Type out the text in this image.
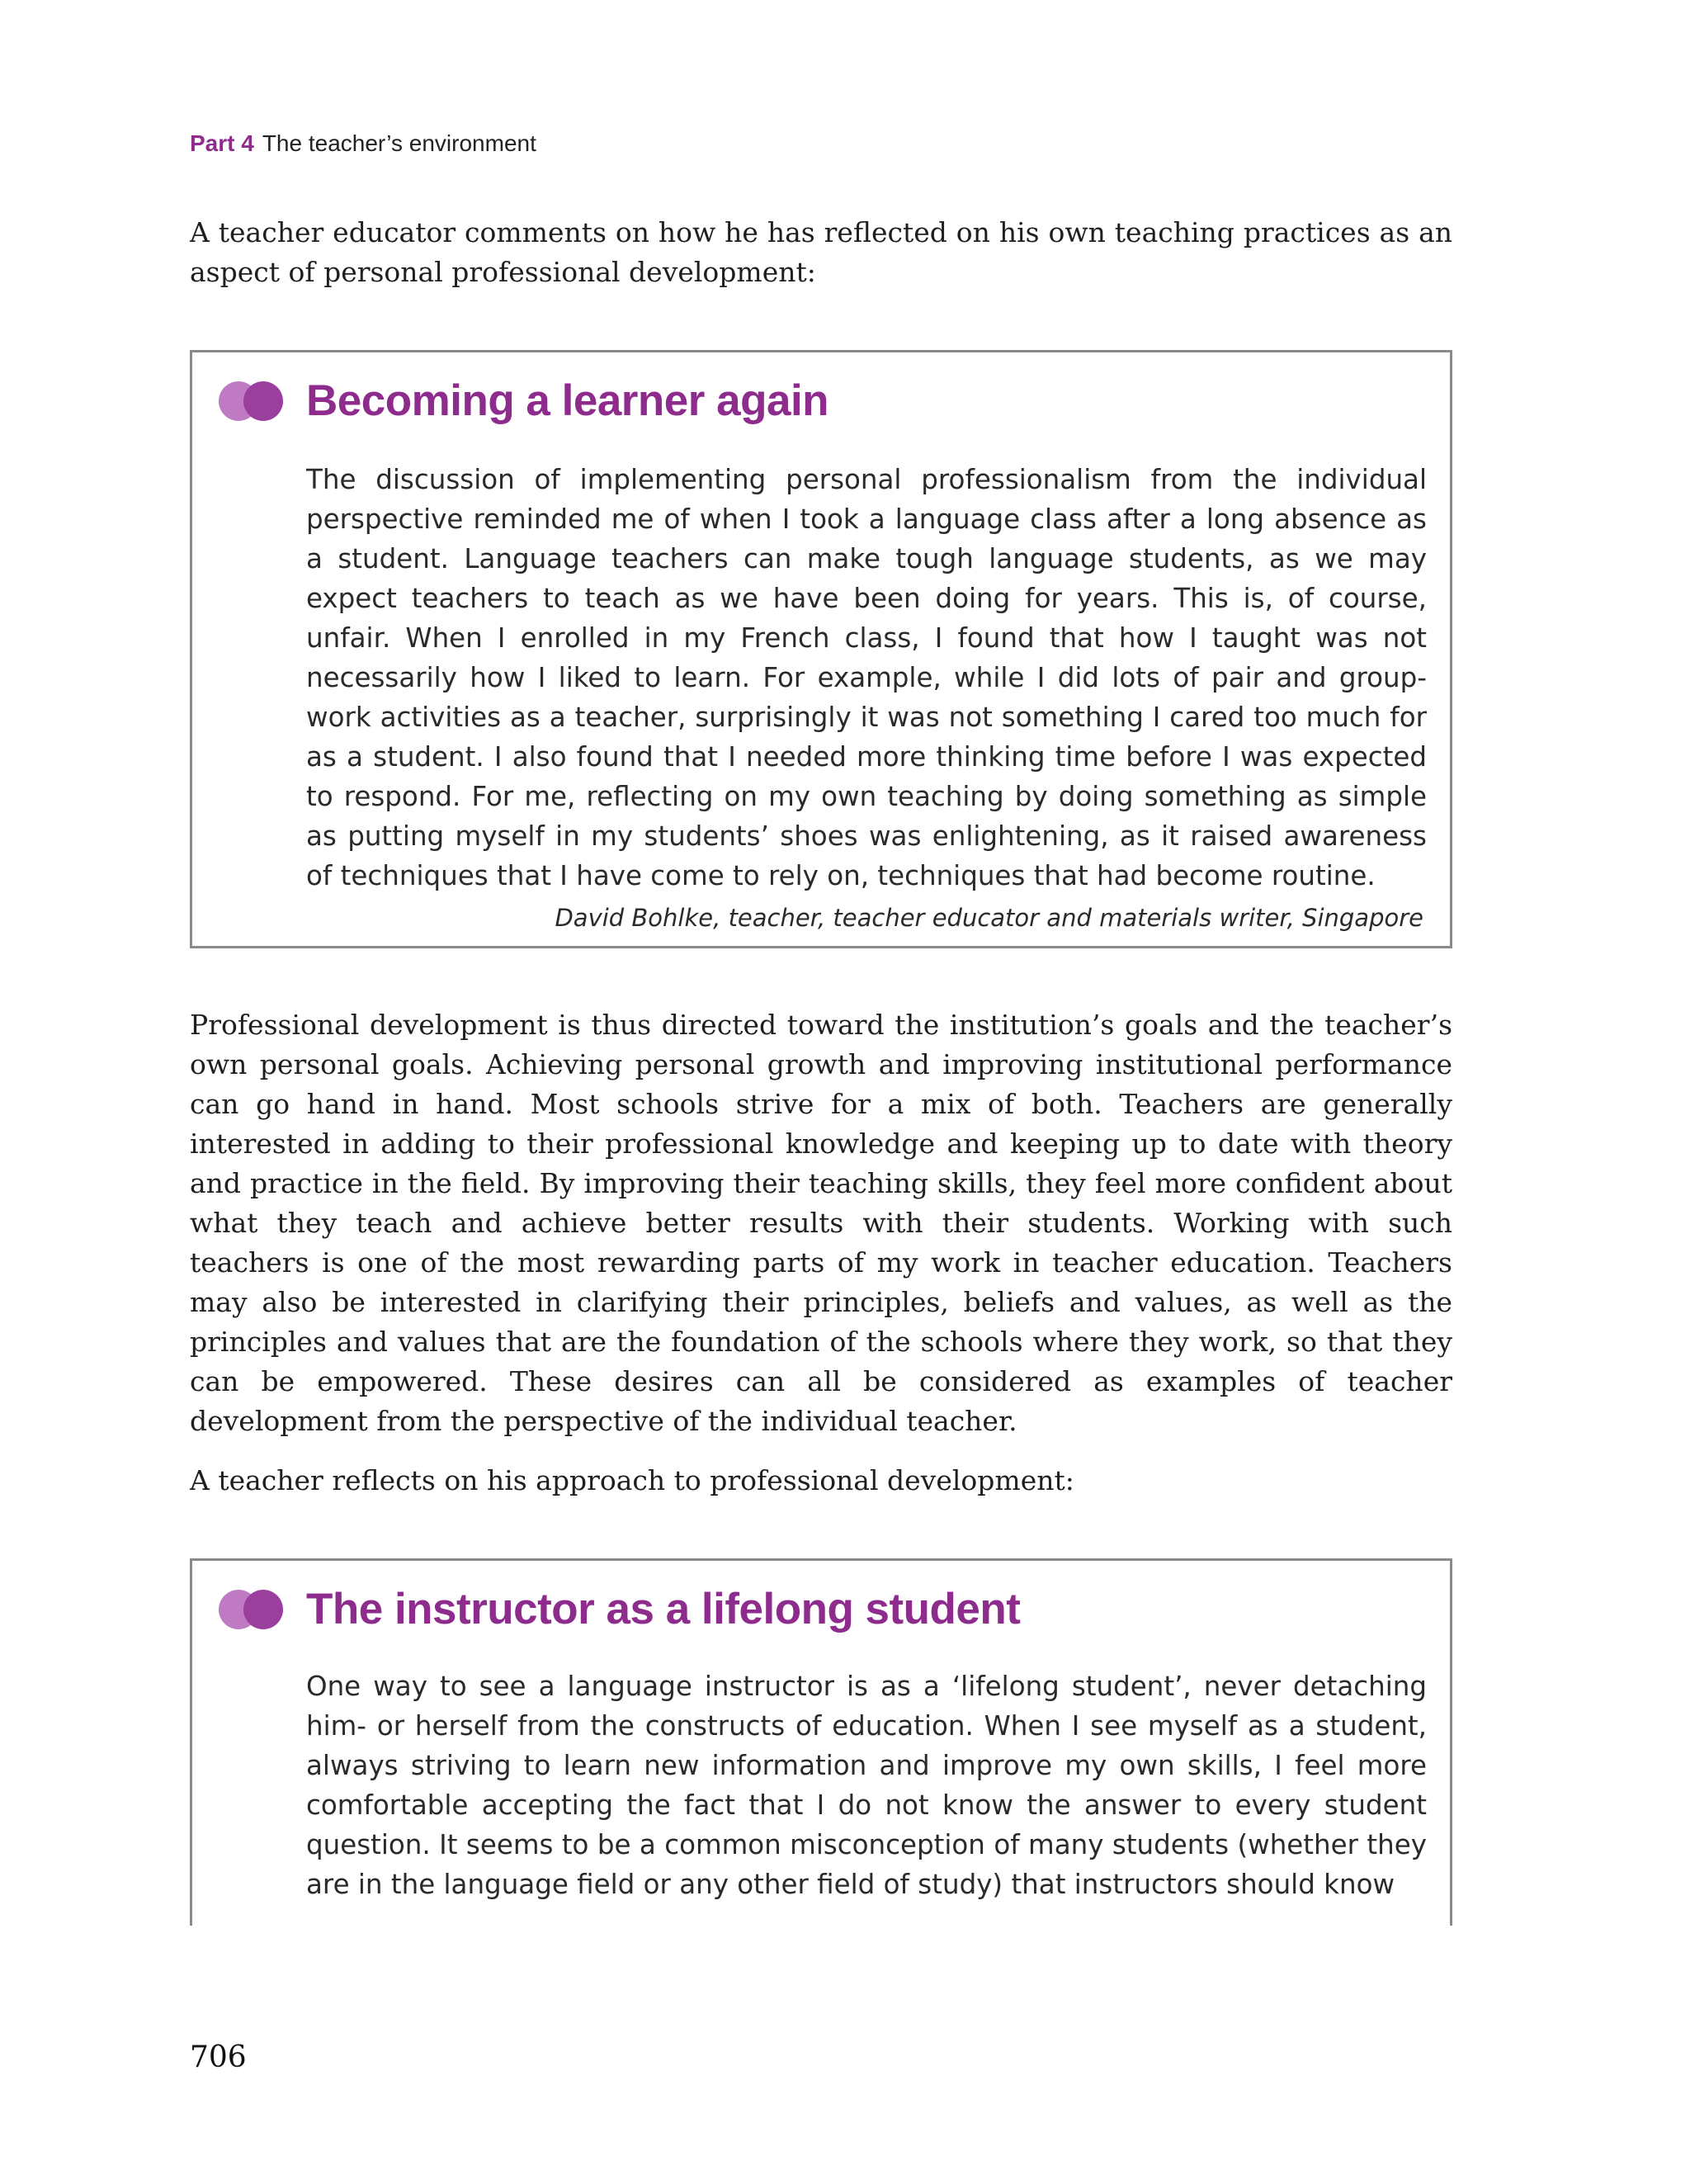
Part 4 The teacher’s environment

A teacher educator comments on how he has reflected on his own teaching practices as an aspect of personal professional development:

Becoming a learner again

The discussion of implementing personal professionalism from the individual perspective reminded me of when I took a language class after a long absence as a student. Language teachers can make tough language students, as we may expect teachers to teach as we have been doing for years. This is, of course, unfair. When I enrolled in my French class, I found that how I taught was not necessarily how I liked to learn. For example, while I did lots of pair and group-work activities as a teacher, surprisingly it was not something I cared too much for as a student. I also found that I needed more thinking time before I was expected to respond. For me, reflecting on my own teaching by doing something as simple as putting myself in my students’ shoes was enlightening, as it raised awareness of techniques that I have come to rely on, techniques that had become routine.

David Bohlke, teacher, teacher educator and materials writer, Singapore

Professional development is thus directed toward the institution’s goals and the teacher’s own personal goals. Achieving personal growth and improving institutional performance can go hand in hand. Most schools strive for a mix of both. Teachers are generally interested in adding to their professional knowledge and keeping up to date with theory and practice in the field. By improving their teaching skills, they feel more confident about what they teach and achieve better results with their students. Working with such teachers is one of the most rewarding parts of my work in teacher education. Teachers may also be interested in clarifying their principles, beliefs and values, as well as the principles and values that are the foundation of the schools where they work, so that they can be empowered. These desires can all be considered as examples of teacher development from the perspective of the individual teacher.

A teacher reflects on his approach to professional development:

The instructor as a lifelong student

One way to see a language instructor is as a ‘lifelong student’, never detaching him- or herself from the constructs of education. When I see myself as a student, always striving to learn new information and improve my own skills, I feel more comfortable accepting the fact that I do not know the answer to every student question. It seems to be a common misconception of many students (whether they are in the language field or any other field of study) that instructors should know

706
